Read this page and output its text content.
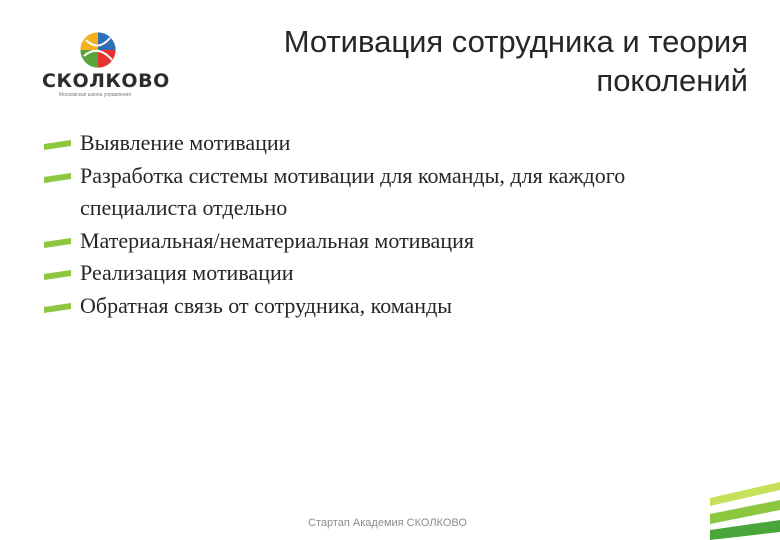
СКОЛКОВО
Московская школа управления
Мотивация сотрудника и теория поколений
Выявление мотивации
Разработка системы мотивации для команды, для каждого специалиста отдельно
Материальная/нематериальная мотивация
Реализация мотивации
Обратная связь от сотрудника, команды
Стартап Академия СКОЛКОВО
